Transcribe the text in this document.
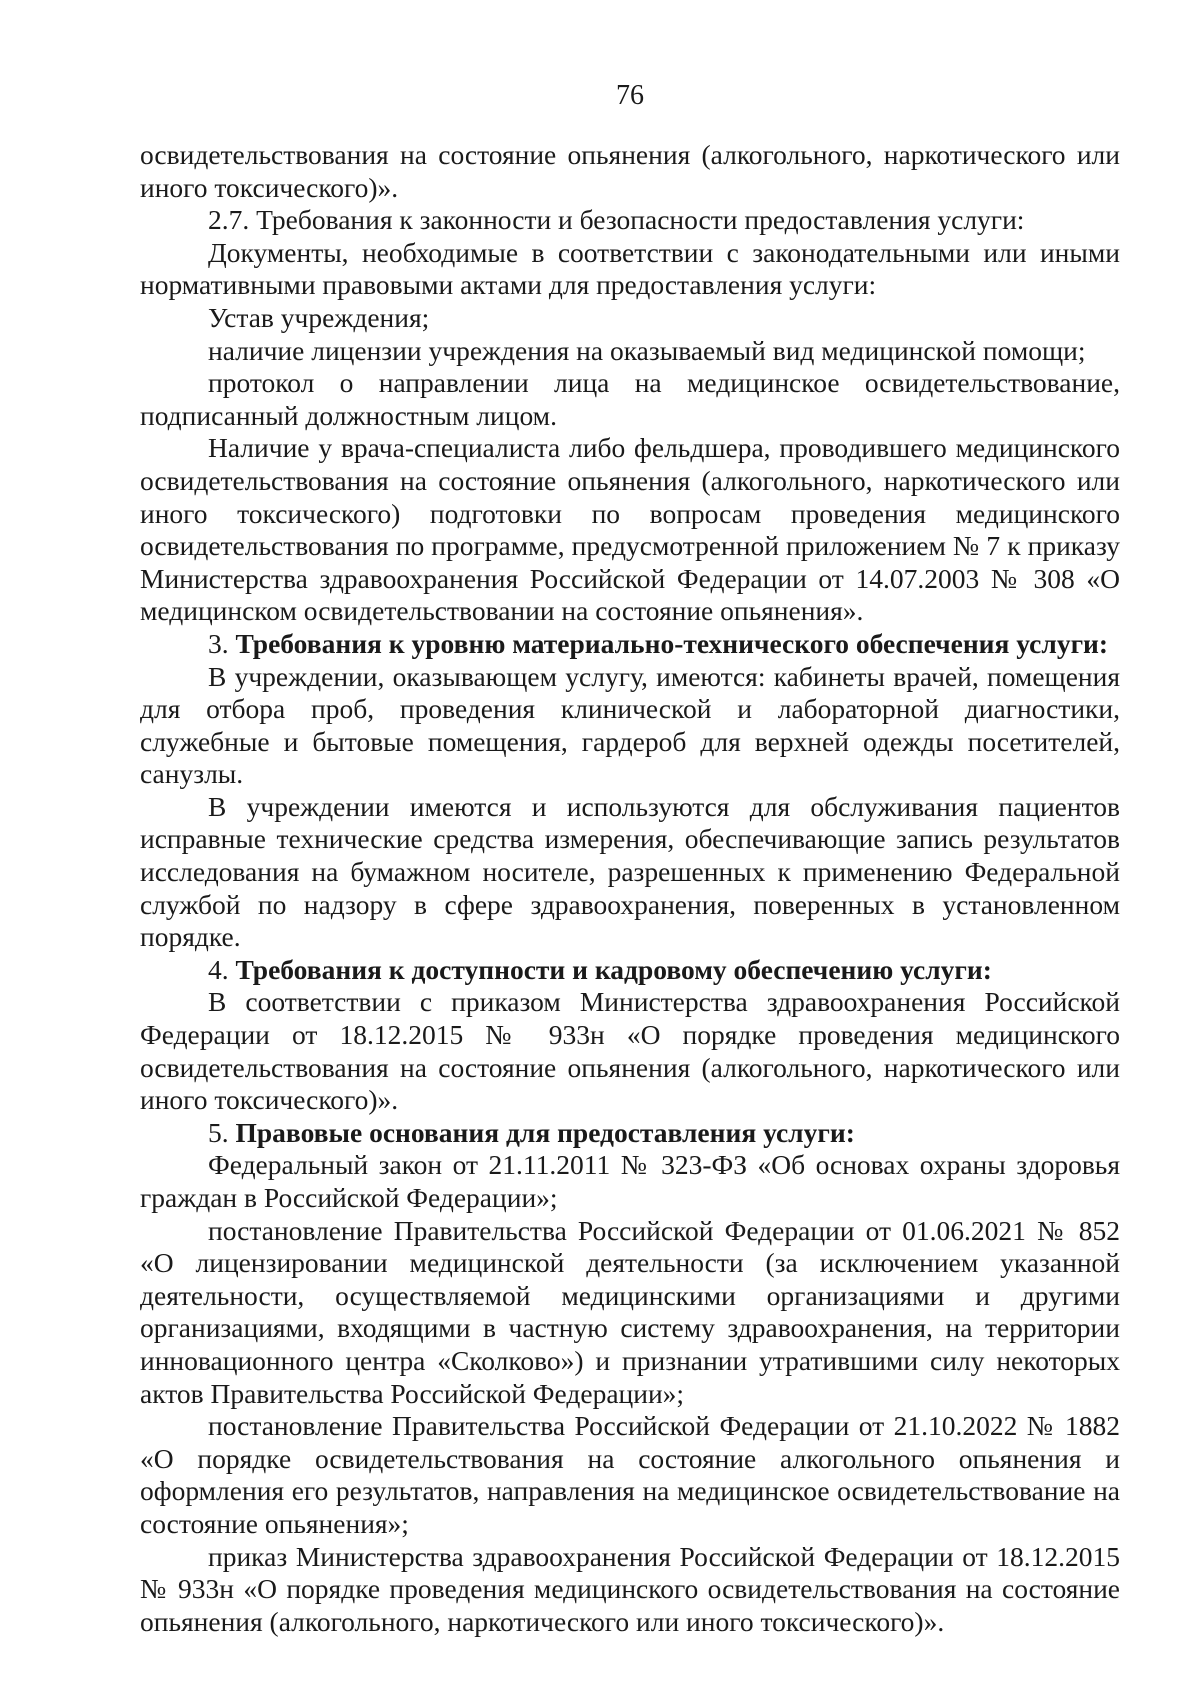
76

освидетельствования на состояние опьянения (алкогольного, наркотического или иного токсического)».

2.7. Требования к законности и безопасности предоставления услуги:

Документы, необходимые в соответствии с законодательными или иными нормативными правовыми актами для предоставления услуги:

Устав учреждения;

наличие лицензии учреждения на оказываемый вид медицинской помощи;

протокол о направлении лица на медицинское освидетельствование, подписанный должностным лицом.

Наличие у врача-специалиста либо фельдшера, проводившего медицинского освидетельствования на состояние опьянения (алкогольного, наркотического или иного токсического) подготовки по вопросам проведения медицинского освидетельствования по программе, предусмотренной приложением № 7 к приказу Министерства здравоохранения Российской Федерации от 14.07.2003 № 308 «О медицинском освидетельствовании на состояние опьянения».

3. Требования к уровню материально-технического обеспечения услуги:

В учреждении, оказывающем услугу, имеются: кабинеты врачей, помещения для отбора проб, проведения клинической и лабораторной диагностики, служебные и бытовые помещения, гардероб для верхней одежды посетителей, санузлы.

В учреждении имеются и используются для обслуживания пациентов исправные технические средства измерения, обеспечивающие запись результатов исследования на бумажном носителе, разрешенных к применению Федеральной службой по надзору в сфере здравоохранения, поверенных в установленном порядке.

4. Требования к доступности и кадровому обеспечению услуги:

В соответствии с приказом Министерства здравоохранения Российской Федерации от 18.12.2015 № 933н «О порядке проведения медицинского освидетельствования на состояние опьянения (алкогольного, наркотического или иного токсического)».

5. Правовые основания для предоставления услуги:

Федеральный закон от 21.11.2011 № 323-ФЗ «Об основах охраны здоровья граждан в Российской Федерации»;

постановление Правительства Российской Федерации от 01.06.2021 № 852 «О лицензировании медицинской деятельности (за исключением указанной деятельности, осуществляемой медицинскими организациями и другими организациями, входящими в частную систему здравоохранения, на территории инновационного центра «Сколково») и признании утратившими силу некоторых актов Правительства Российской Федерации»;

постановление Правительства Российской Федерации от 21.10.2022 № 1882 «О порядке освидетельствования на состояние алкогольного опьянения и оформления его результатов, направления на медицинское освидетельствование на состояние опьянения»;

приказ Министерства здравоохранения Российской Федерации от 18.12.2015 № 933н «О порядке проведения медицинского освидетельствования на состояние опьянения (алкогольного, наркотического или иного токсического)».
